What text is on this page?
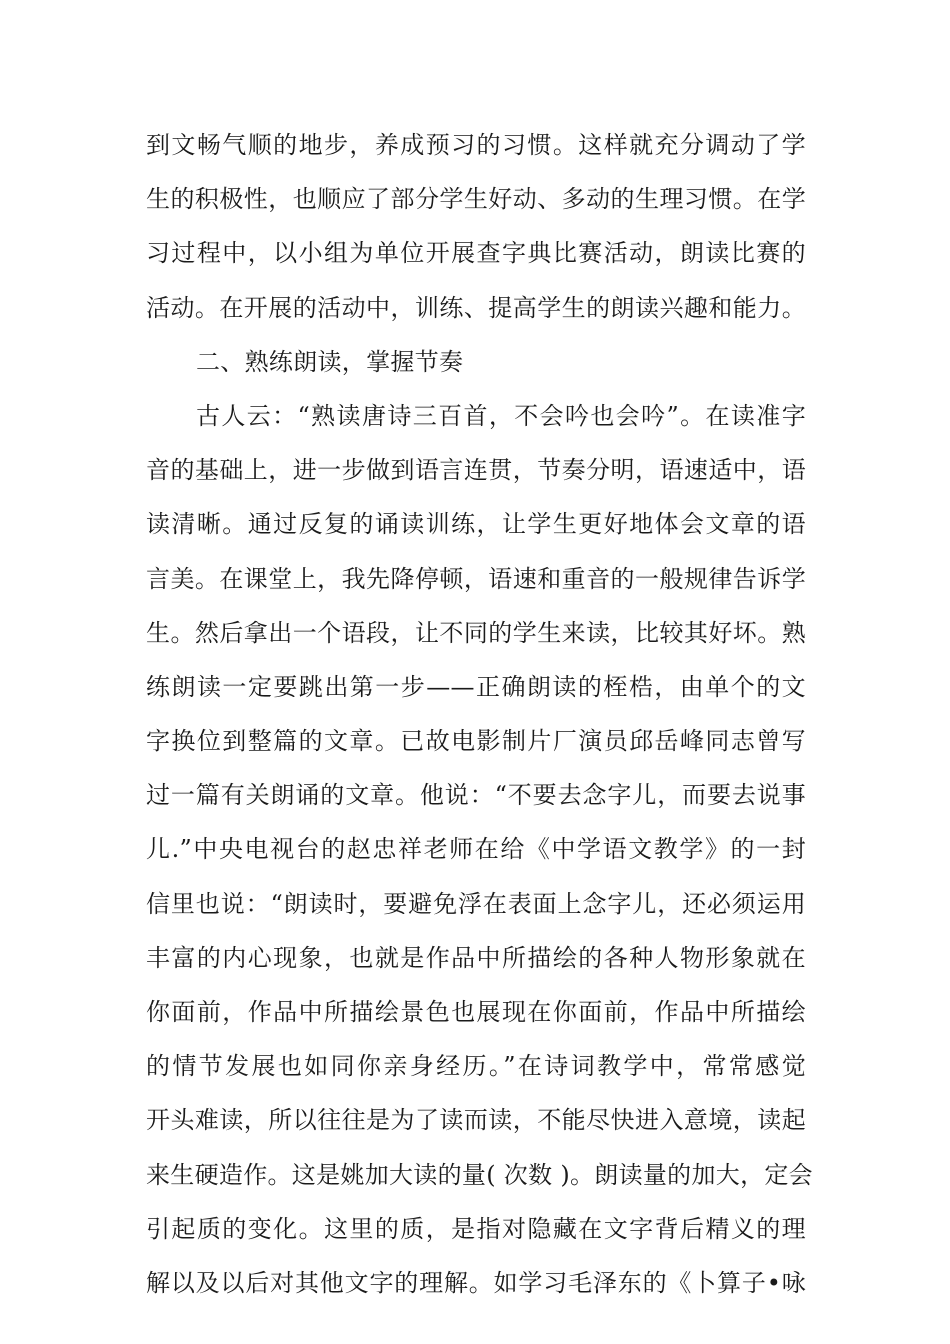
到文畅气顺的地步，养成预习的习惯。这样就充分调动了学
生的积极性，也顺应了部分学生好动、多动的生理习惯。在学
习过程中，以小组为单位开展查字典比赛活动，朗读比赛的
活动。在开展的活动中，训练、提高学生的朗读兴趣和能力。
二、熟练朗读，掌握节奏
古人云：“熟读唐诗三百首，不会吟也会吟”。在读准字
音的基础上，进一步做到语言连贯，节奏分明，语速适中，语
读清晰。通过反复的诵读训练，让学生更好地体会文章的语
言美。在课堂上，我先降停顿，语速和重音的一般规律告诉学
生。然后拿出一个语段，让不同的学生来读，比较其好坏。熟
练朗读一定要跳出第一步——正确朗读的桎梏，由单个的文
字换位到整篇的文章。已故电影制片厂演员邱岳峰同志曾写
过一篇有关朗诵的文章。他说：“不要去念字儿，而要去说事
儿.”中央电视台的赵忠祥老师在给《中学语文教学》的一封
信里也说：“朗读时，要避免浮在表面上念字儿，还必须运用
丰富的内心现象，也就是作品中所描绘的各种人物形象就在
你面前，作品中所描绘景色也展现在你面前，作品中所描绘
的情节发展也如同你亲身经历。”在诗词教学中，常常感觉
开头难读，所以往往是为了读而读，不能尽快进入意境，读起
来生硬造作。这是姚加大读的量( 次数 )。朗读量的加大，定会
引起质的变化。这里的质，是指对隐藏在文字背后精义的理
解以及以后对其他文字的理解。如学习毛泽东的《卜算子•咏
